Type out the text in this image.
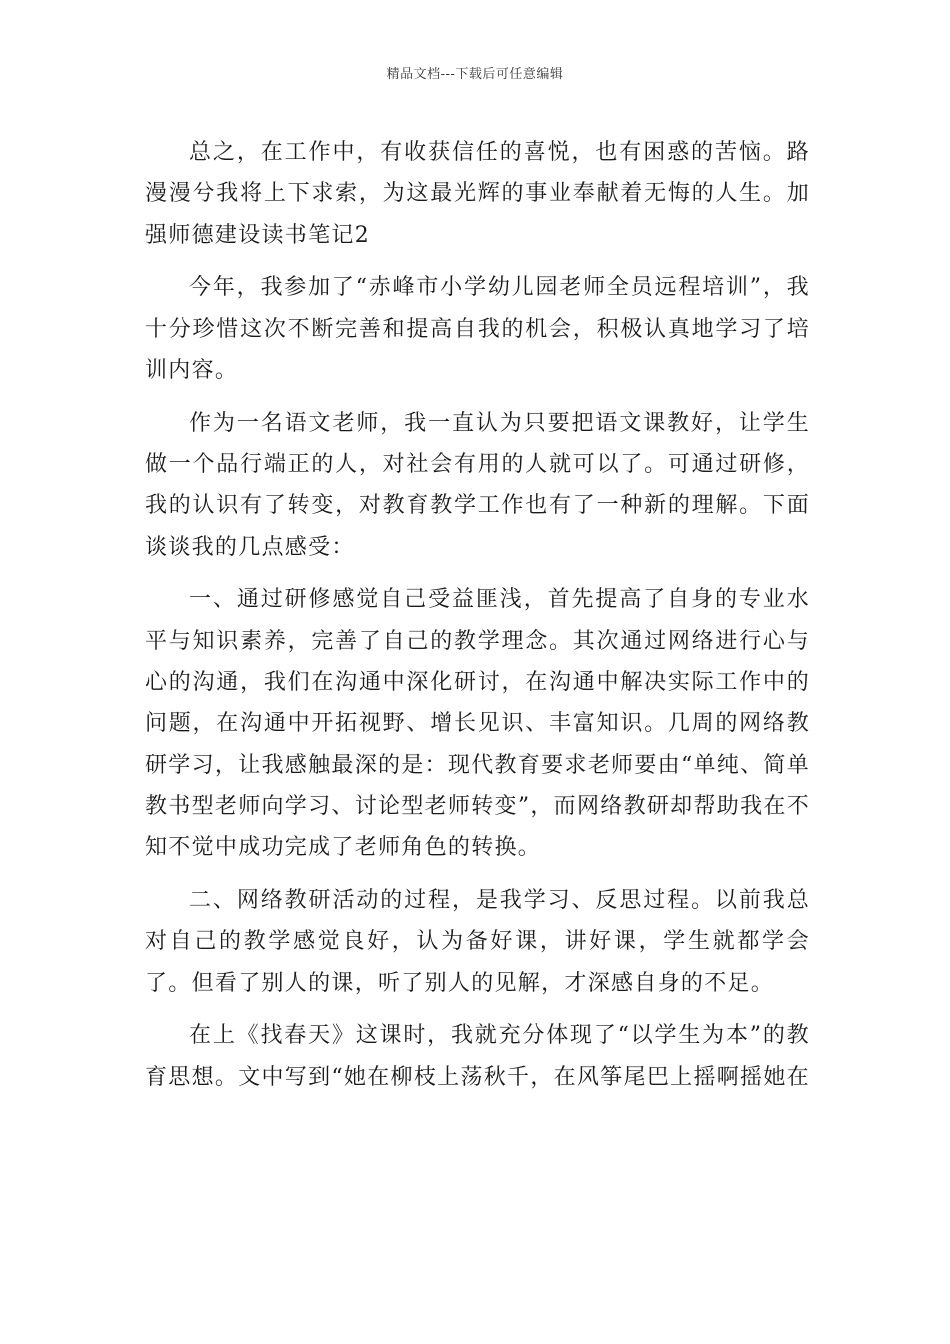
精品文档---下载后可任意编辑

总之，在工作中，有收获信任的喜悦，也有困惑的苦恼。路漫漫兮我将上下求索，为这最光辉的事业奉献着无悔的人生。加强师德建设读书笔记2

今年，我参加了“赤峰市小学幼儿园老师全员远程培训”，我十分珍惜这次不断完善和提高自我的机会，积极认真地学习了培训内容。

作为一名语文老师，我一直认为只要把语文课教好，让学生做一个品行端正的人，对社会有用的人就可以了。可通过研修，我的认识有了转变，对教育教学工作也有了一种新的理解。下面谈谈我的几点感受：

一、通过研修感觉自己受益匪浅，首先提高了自身的专业水平与知识素养，完善了自己的教学理念。其次通过网络进行心与心的沟通，我们在沟通中深化研讨，在沟通中解决实际工作中的问题，在沟通中开拓视野、增长见识、丰富知识。几周的网络教研学习，让我感触最深的是：现代教育要求老师要由“单纯、简单教书型老师向学习、讨论型老师转变”，而网络教研却帮助我在不知不觉中成功完成了老师角色的转换。

二、网络教研活动的过程，是我学习、反思过程。以前我总对自己的教学感觉良好，认为备好课，讲好课，学生就都学会了。但看了别人的课，听了别人的见解，才深感自身的不足。

在上《找春天》这课时，我就充分体现了“以学生为本”的教育思想。文中写到“她在柳枝上荡秋千，在风筝尾巴上摇啊摇她在
